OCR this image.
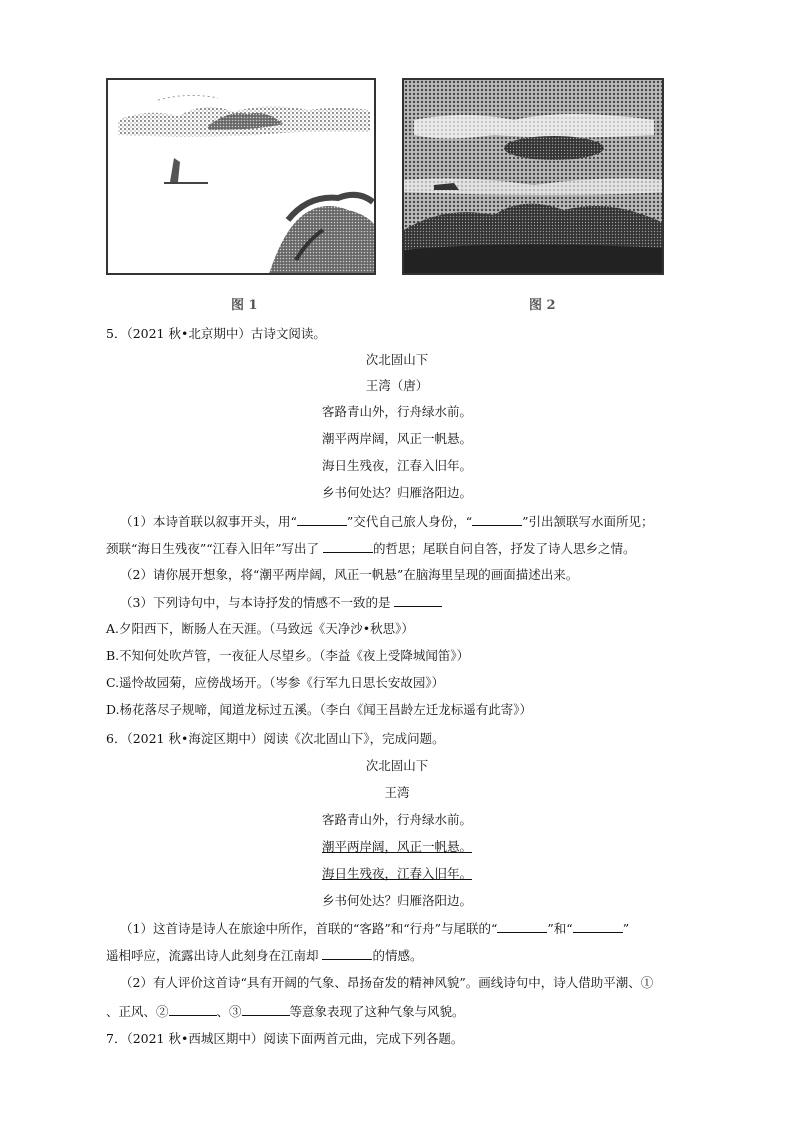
图 1	图 2
5．（2021 秋•北京期中）古诗文阅读。
次北固山下
王湾（唐）
客路青山外，行舟绿水前。
潮平两岸阔，风正一帆悬。
海日生残夜，江春入旧年。
乡书何处达？归雁洛阳边。
（1）本诗首联以叙事开头，用“	”交代自己旅人身份，“	”引出颔联写水面所见；
颈联“海日生残夜”“江春入旧年”写出了	的哲思；尾联自问自答，抒发了诗人思乡之情。
（2）请你展开想象，将“潮平两岸阔，风正一帆悬”在脑海里呈现的画面描述出来。
（3）下列诗句中，与本诗抒发的情感不一致的是
A.夕阳西下，断肠人在天涯。（马致远《天净沙•秋思》）
B.不知何处吹芦管，一夜征人尽望乡。（李益《夜上受降城闻笛》）
C.遥怜故园菊，应傍战场开。（岑参《行军九日思长安故园》）
D.杨花落尽子规啼，闻道龙标过五溪。（李白《闻王昌龄左迁龙标遥有此寄》）
6．（2021 秋•海淀区期中）阅读《次北固山下》，完成问题。
次北固山下
王湾
客路青山外，行舟绿水前。
潮平两岸阔，风正一帆悬。
海日生残夜，江春入旧年。
乡书何处达？归雁洛阳边。
（1）这首诗是诗人在旅途中所作，首联的“客路”和“行舟”与尾联的“	”和“	”
遥相呼应，流露出诗人此刻身在江南却	的情感。
（2）有人评价这首诗“具有开阔的气象、昂扬奋发的精神风貌”。画线诗句中，诗人借助平潮、①
、正风、②	、③	等意象表现了这种气象与风貌。
7．（2021 秋•西城区期中）阅读下面两首元曲，完成下列各题。
